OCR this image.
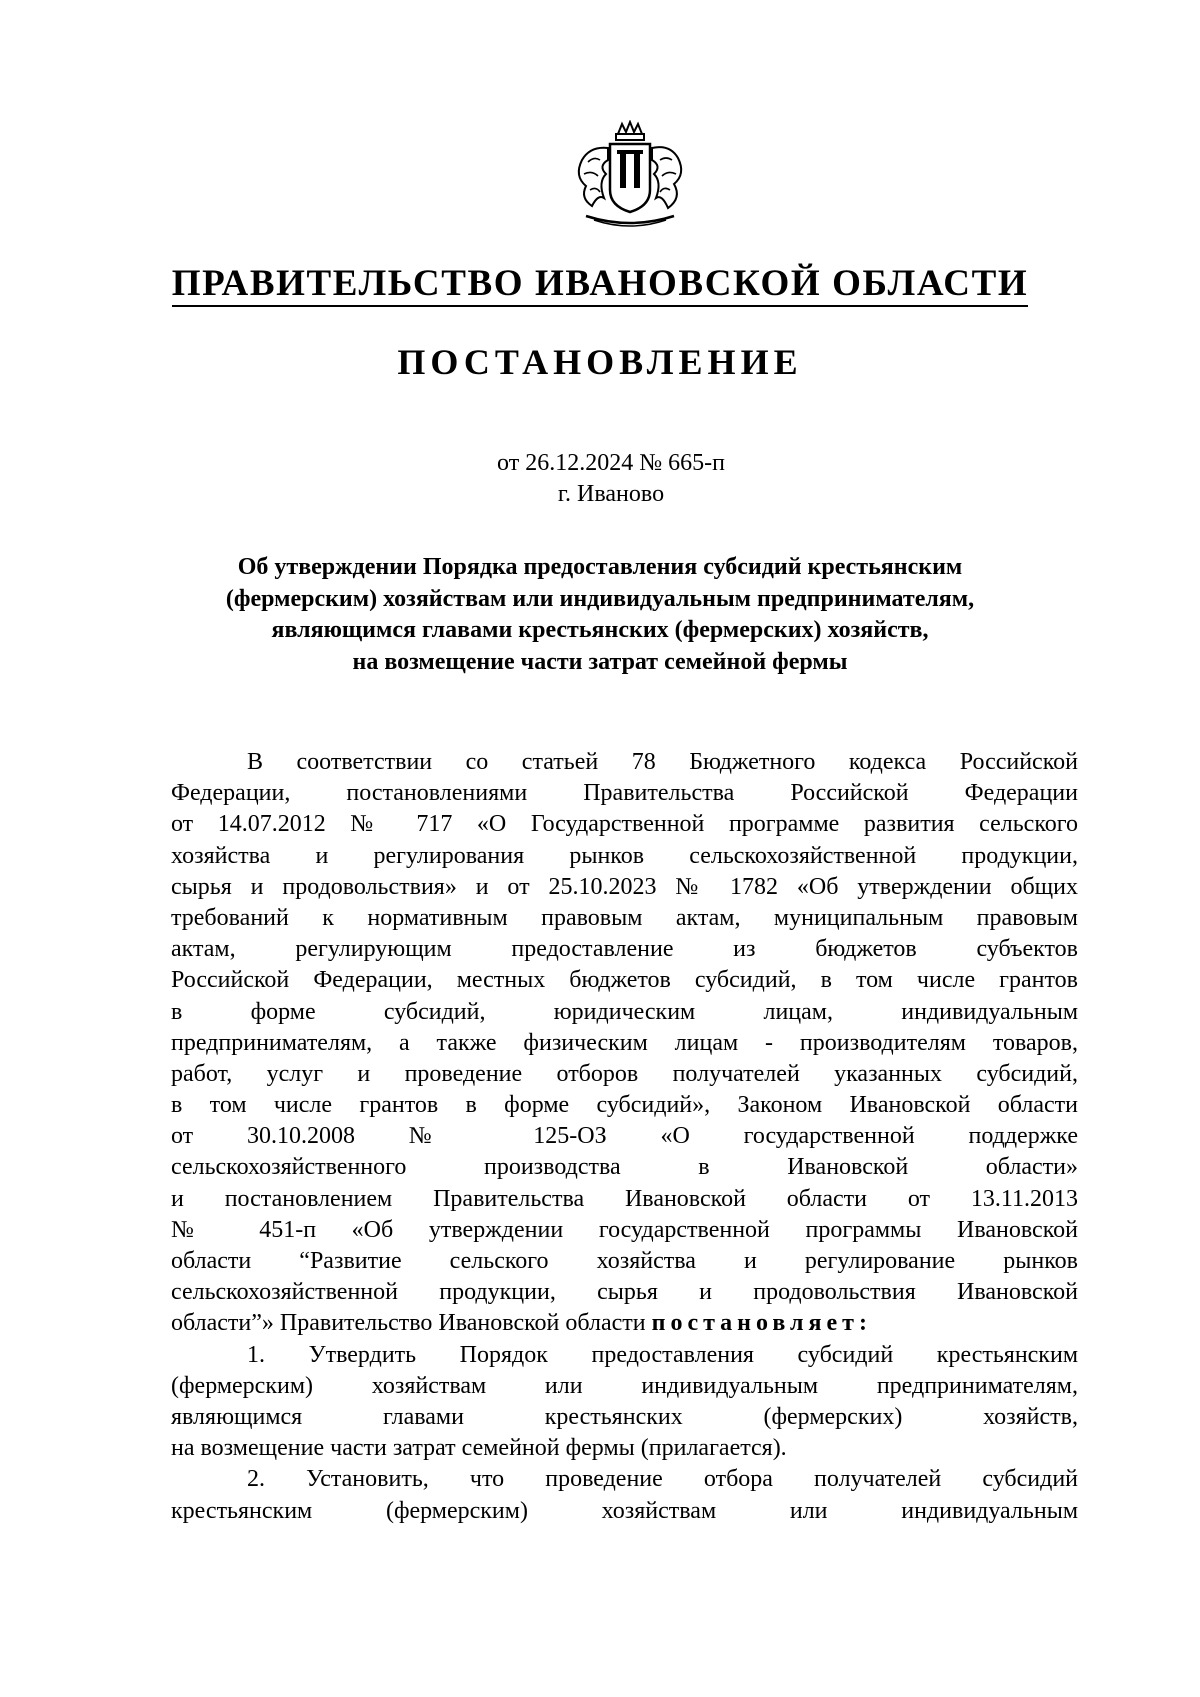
ПРАВИТЕЛЬСТВО ИВАНОВСКОЙ ОБЛАСТИ
ПОСТАНОВЛЕНИЕ
от 26.12.2024 № 665-п
г. Иваново
Об утверждении Порядка предоставления субсидий крестьянским
(фермерским) хозяйствам или индивидуальным предпринимателям,
являющимся главами крестьянских (фермерских) хозяйств,
на возмещение части затрат семейной фермы
В соответствии со статьей 78 Бюджетного кодекса Российской
Федерации, постановлениями Правительства Российской Федерации
от 14.07.2012 № 717 «О Государственной программе развития сельского
хозяйства и регулирования рынков сельскохозяйственной продукции,
сырья и продовольствия» и от 25.10.2023 № 1782 «Об утверждении общих
требований к нормативным правовым актам, муниципальным правовым
актам, регулирующим предоставление из бюджетов субъектов
Российской Федерации, местных бюджетов субсидий, в том числе грантов
в форме субсидий, юридическим лицам, индивидуальным
предпринимателям, а также физическим лицам - производителям товаров,
работ, услуг и проведение отборов получателей указанных субсидий,
в том числе грантов в форме субсидий», Законом Ивановской области
от 30.10.2008 № 125-ОЗ «О государственной поддержке
сельскохозяйственного производства в Ивановской области»
и постановлением Правительства Ивановской области от 13.11.2013
№ 451-п «Об утверждении государственной программы Ивановской
области “Развитие сельского хозяйства и регулирование рынков
сельскохозяйственной продукции, сырья и продовольствия Ивановской
области”» Правительство Ивановской области постановляет:
1. Утвердить Порядок предоставления субсидий крестьянским
(фермерским) хозяйствам или индивидуальным предпринимателям,
являющимся главами крестьянских (фермерских) хозяйств,
на возмещение части затрат семейной фермы (прилагается).
2. Установить, что проведение отбора получателей субсидий
крестьянским (фермерским) хозяйствам или индивидуальным
